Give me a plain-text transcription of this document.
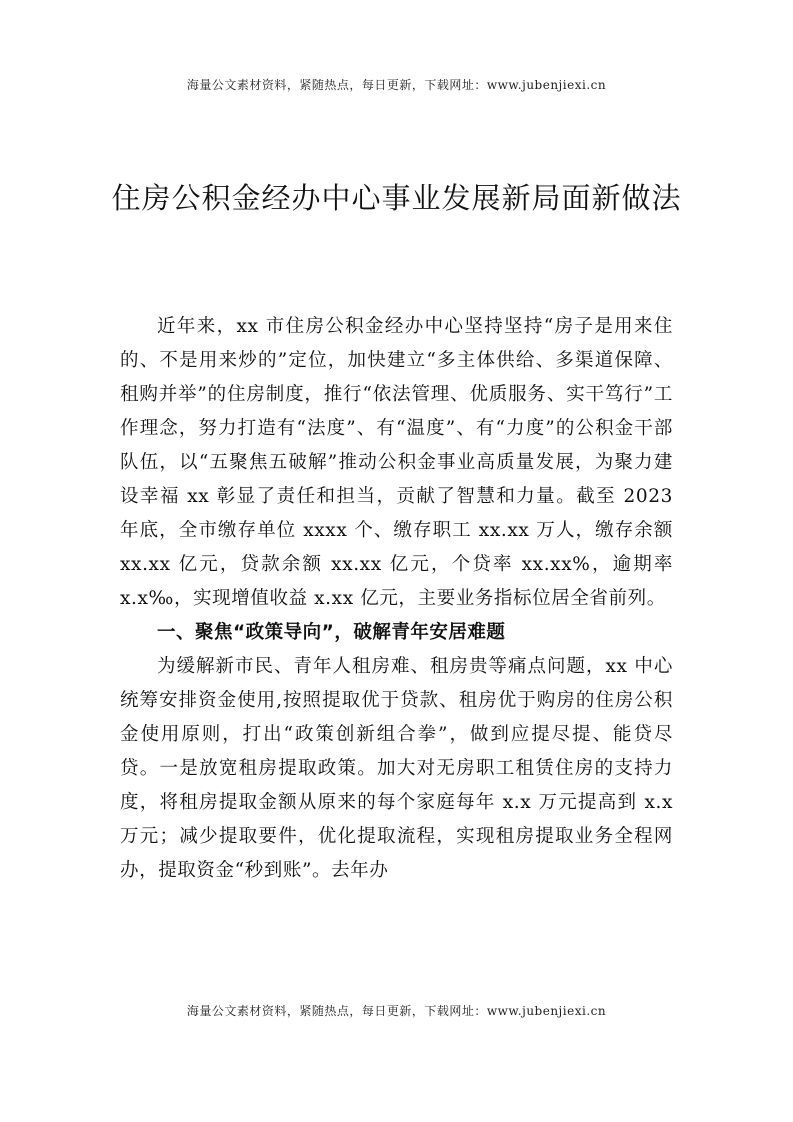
海量公文素材资料，紧随热点，每日更新，下载网址：www.jubenjiexi.cn
住房公积金经办中心事业发展新局面新做法

近年来，xx 市住房公积金经办中心坚持坚持“房子是用来住的、不是用来炒的”定位，加快建立“多主体供给、多渠道保障、租购并举”的住房制度，推行“依法管理、优质服务、实干笃行”工作理念，努力打造有“法度”、有“温度”、有“力度”的公积金干部队伍，以“五聚焦五破解”推动公积金事业高质量发展，为聚力建设幸福 xx 彰显了责任和担当，贡献了智慧和力量。截至 2023 年底，全市缴存单位 xxxx 个、缴存职工 xx.xx 万人，缴存余额 xx.xx 亿元，贷款余额 xx.xx 亿元，个贷率 xx.xx%，逾期率 x.x‰，实现增值收益 x.xx 亿元，主要业务指标位居全省前列。

一、聚焦“政策导向”，破解青年安居难题

为缓解新市民、青年人租房难、租房贵等痛点问题，xx 中心统筹安排资金使用,按照提取优于贷款、租房优于购房的住房公积金使用原则，打出“政策创新组合拳”，做到应提尽提、能贷尽贷。一是放宽租房提取政策。加大对无房职工租赁住房的支持力度，将租房提取金额从原来的每个家庭每年 x.x 万元提高到 x.x 万元；减少提取要件，优化提取流程，实现租房提取业务全程网办，提取资金“秒到账”。去年办

海量公文素材资料，紧随热点，每日更新，下载网址：www.jubenjiexi.cn
